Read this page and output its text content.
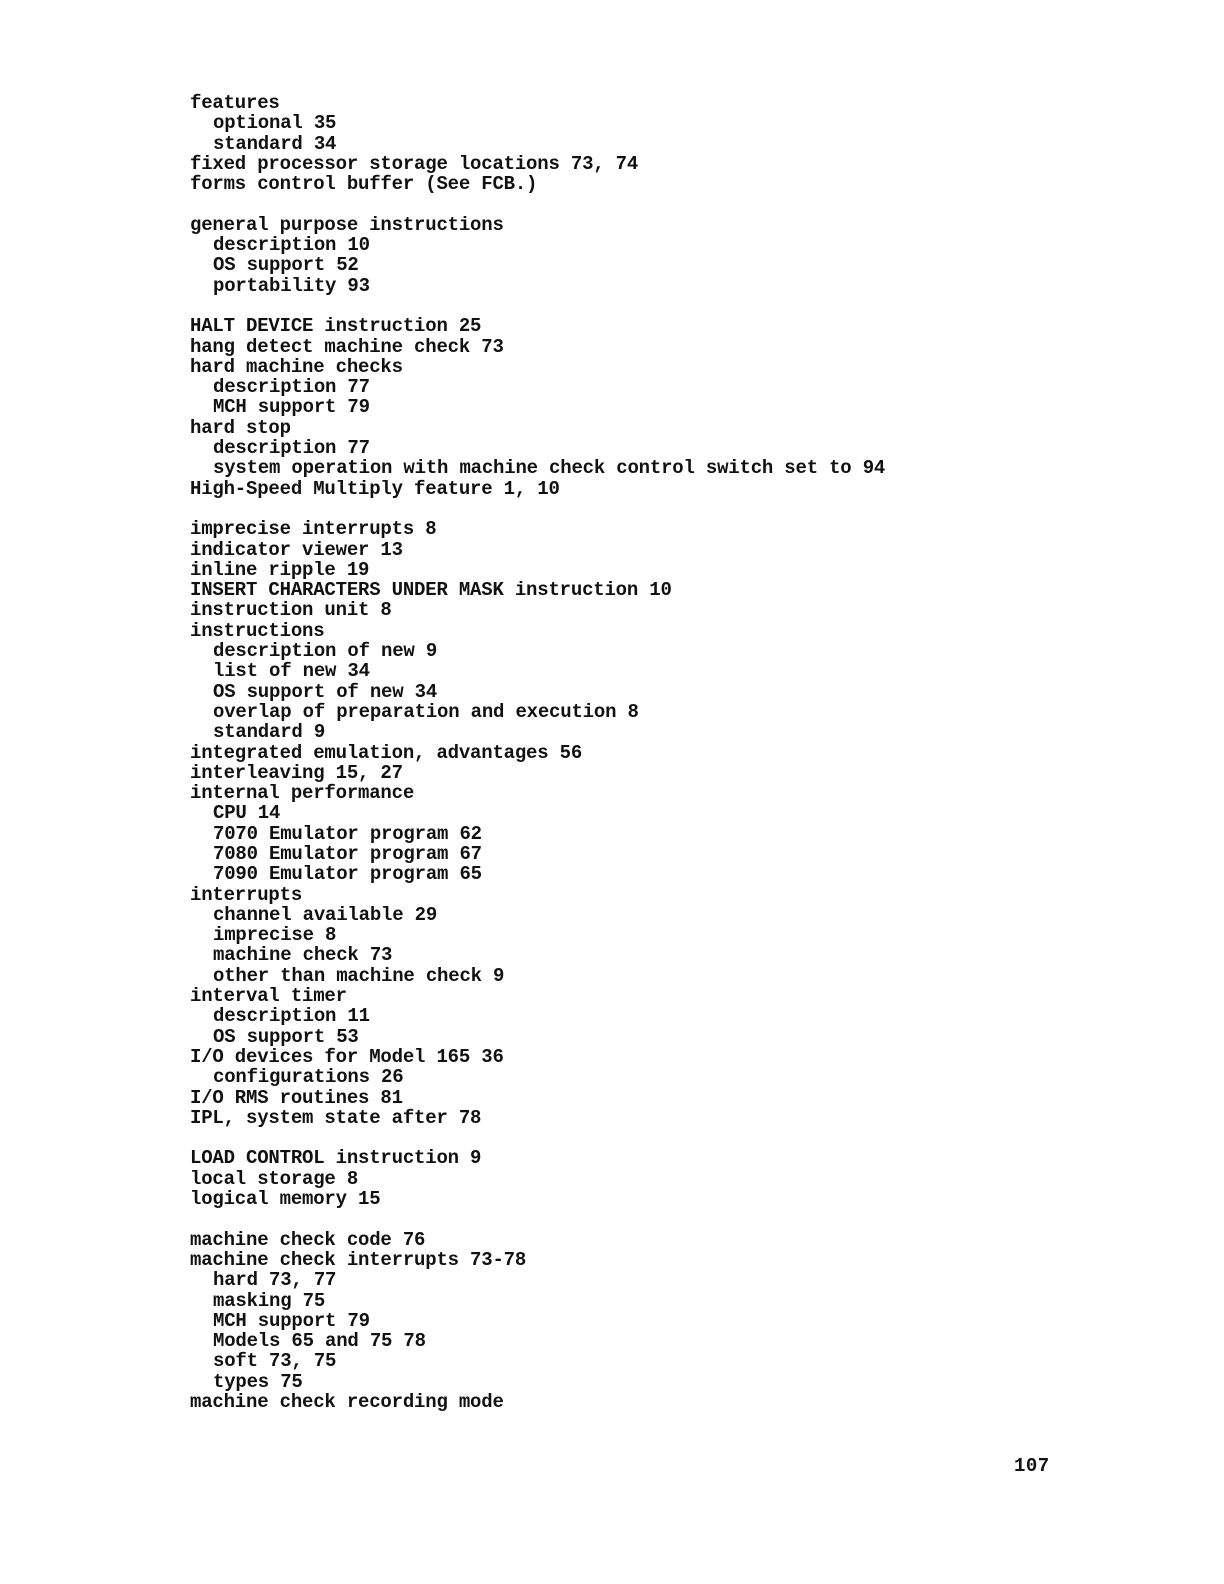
features
optional 35
standard 34
fixed processor storage locations 73, 74
forms control buffer (See FCB.)
general purpose instructions
description 10
OS support 52
portability 93
HALT DEVICE instruction 25
hang detect machine check 73
hard machine checks
description 77
MCH support 79
hard stop
description 77
system operation with machine check control switch set to 94
High-Speed Multiply feature 1, 10
imprecise interrupts 8
indicator viewer 13
inline ripple 19
INSERT CHARACTERS UNDER MASK instruction 10
instruction unit 8
instructions
description of new 9
list of new 34
OS support of new 34
overlap of preparation and execution 8
standard 9
integrated emulation, advantages 56
interleaving 15, 27
internal performance
CPU 14
7070 Emulator program 62
7080 Emulator program 67
7090 Emulator program 65
interrupts
channel available 29
imprecise 8
machine check 73
other than machine check 9
interval timer
description 11
OS support 53
I/O devices for Model 165 36
configurations 26
I/O RMS routines 81
IPL, system state after 78
LOAD CONTROL instruction 9
local storage 8
logical memory 15
machine check code 76
machine check interrupts 73-78
hard 73, 77
masking 75
MCH support 79
Models 65 and 75 78
soft 73, 75
types 75
machine check recording mode
107
